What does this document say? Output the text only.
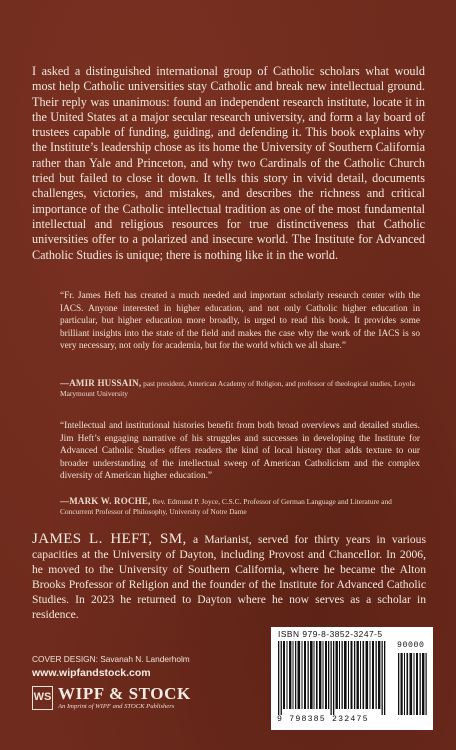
I asked a distinguished international group of Catholic scholars what would most help Catholic universities stay Catholic and break new intellectual ground. Their reply was unanimous: found an independent research institute, locate it in the United States at a major secular research university, and form a lay board of trustees capable of funding, guiding, and defending it. This book explains why the Institute’s leadership chose as its home the University of Southern California rather than Yale and Princeton, and why two Cardinals of the Catholic Church tried but failed to close it down. It tells this story in vivid detail, documents challenges, victories, and mistakes, and describes the richness and critical importance of the Catholic intellectual tradition as one of the most fundamental intellectual and religious resources for true distinctiveness that Catholic universities offer to a polarized and insecure world. The Institute for Advanced Catholic Studies is unique; there is nothing like it in the world.

“Fr. James Heft has created a much needed and important scholarly research center with the IACS. Anyone interested in higher education, and not only Catholic higher education in particular, but higher education more broadly, is urged to read this book. It provides some brilliant insights into the state of the field and makes the case why the work of the IACS is so very necessary, not only for academia, but for the world which we all share.”

—AMIR HUSSAIN, past president, American Academy of Religion, and professor of theological studies, Loyola Marymount University

“Intellectual and institutional histories benefit from both broad overviews and detailed studies. Jim Heft’s engaging narrative of his struggles and successes in developing the Institute for Advanced Catholic Studies offers readers the kind of local history that adds texture to our broader understanding of the intellectual sweep of American Catholicism and the complex diversity of American higher education.”

—MARK W. ROCHE, Rev. Edmund P. Joyce, C.S.C. Professor of German Language and Literature and Concurrent Professor of Philosophy, University of Notre Dame

JAMES L. HEFT, SM, a Marianist, served for thirty years in various capacities at the University of Dayton, including Provost and Chancellor. In 2006, he moved to the University of Southern California, where he became the Alton Brooks Professor of Religion and the founder of the Institute for Advanced Catholic Studies. In 2023 he returned to Dayton where he now serves as a scholar in residence.

COVER DESIGN: Savanah N. Landerholm
www.wipfandstock.com
WS WIPF & STOCK
An Imprint of WIPF and STOCK Publishers
ISBN 979-8-3852-3247-5
90000
9 798385 232475
